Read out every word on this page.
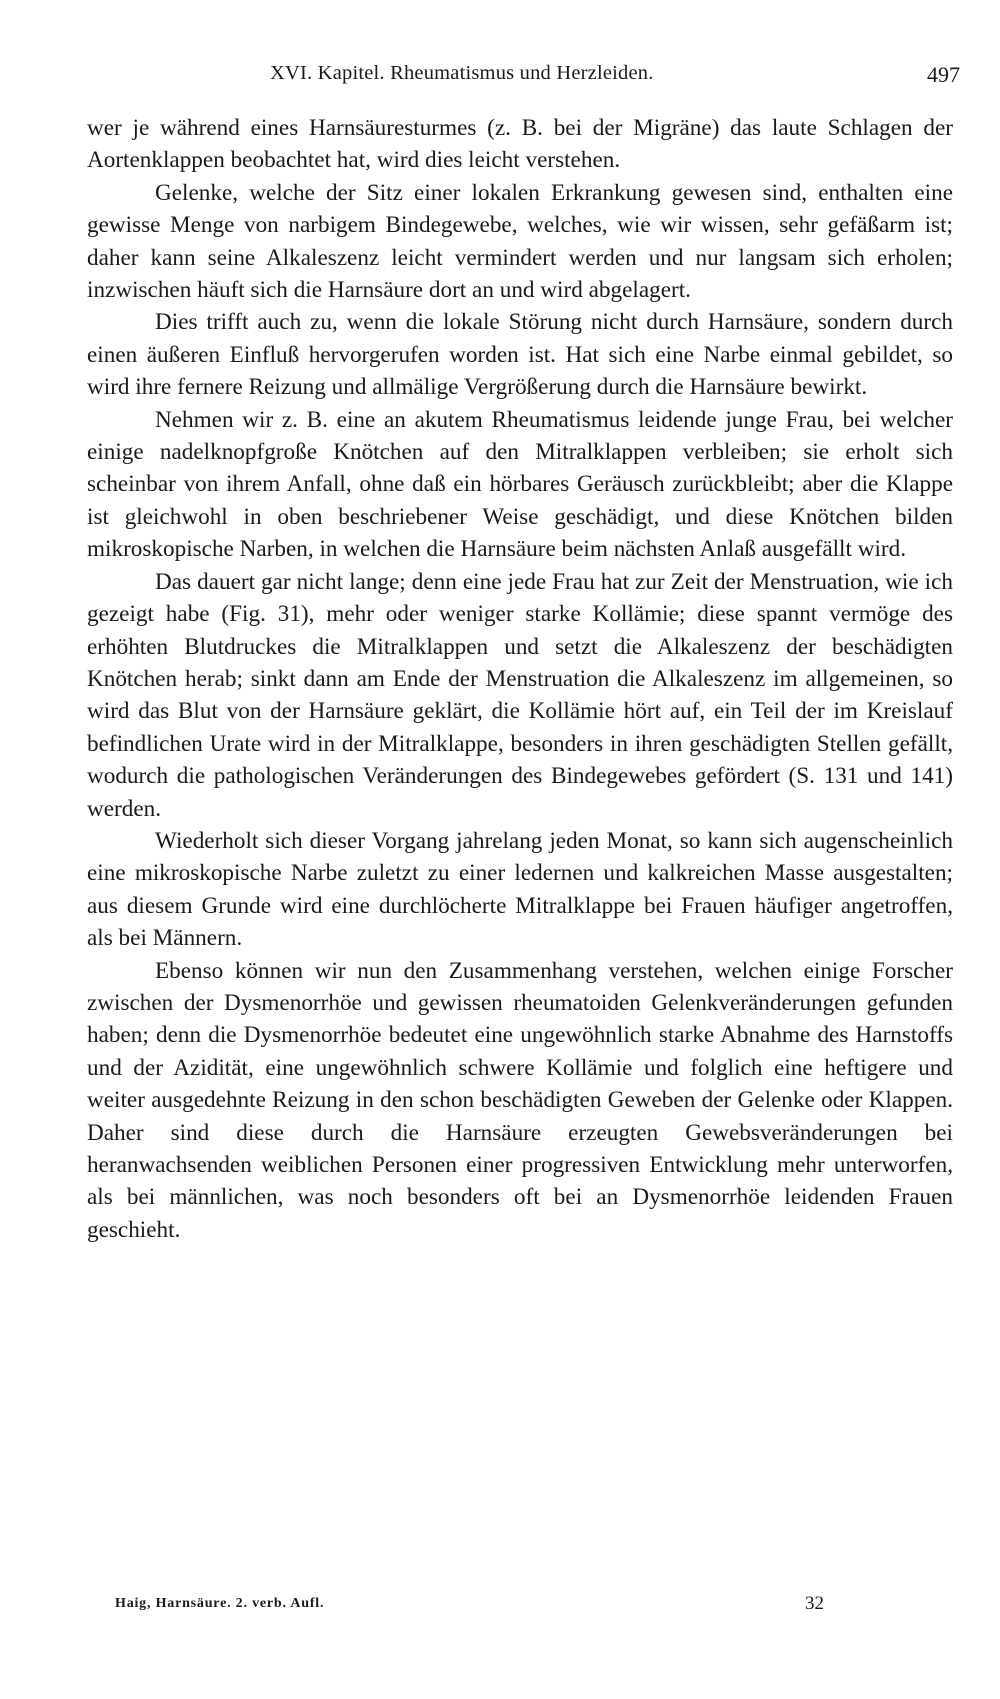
XVI. Kapitel. Rheumatismus und Herzleiden.	497

wer je während eines Harnsäuresturmes (z. B. bei der Migräne) das laute Schlagen der Aortenklappen beobachtet hat, wird dies leicht verstehen.

Gelenke, welche der Sitz einer lokalen Erkrankung gewesen sind, enthalten eine gewisse Menge von narbigem Bindegewebe, welches, wie wir wissen, sehr gefäßarm ist; daher kann seine Alkaleszenz leicht vermindert werden und nur langsam sich erholen; inzwischen häuft sich die Harnsäure dort an und wird abgelagert.

Dies trifft auch zu, wenn die lokale Störung nicht durch Harnsäure, sondern durch einen äußeren Einfluß hervorgerufen worden ist. Hat sich eine Narbe einmal gebildet, so wird ihre fernere Reizung und allmälige Vergrößerung durch die Harnsäure bewirkt.

Nehmen wir z. B. eine an akutem Rheumatismus leidende junge Frau, bei welcher einige nadelknopfgroße Knötchen auf den Mitralklappen verbleiben; sie erholt sich scheinbar von ihrem Anfall, ohne daß ein hörbares Geräusch zurückbleibt; aber die Klappe ist gleichwohl in oben beschriebener Weise geschädigt, und diese Knötchen bilden mikroskopische Narben, in welchen die Harnsäure beim nächsten Anlaß ausgefällt wird.

Das dauert gar nicht lange; denn eine jede Frau hat zur Zeit der Menstruation, wie ich gezeigt habe (Fig. 31), mehr oder weniger starke Kollämie; diese spannt vermöge des erhöhten Blutdruckes die Mitralklappen und setzt die Alkaleszenz der beschädigten Knötchen herab; sinkt dann am Ende der Menstruation die Alkaleszenz im allgemeinen, so wird das Blut von der Harnsäure geklärt, die Kollämie hört auf, ein Teil der im Kreislauf befindlichen Urate wird in der Mitralklappe, besonders in ihren geschädigten Stellen gefällt, wodurch die pathologischen Veränderungen des Bindegewebes gefördert (S. 131 und 141) werden.

Wiederholt sich dieser Vorgang jahrelang jeden Monat, so kann sich augenscheinlich eine mikroskopische Narbe zuletzt zu einer ledernen und kalkreichen Masse ausgestalten; aus diesem Grunde wird eine durchlöcherte Mitralklappe bei Frauen häufiger angetroffen, als bei Männern.

Ebenso können wir nun den Zusammenhang verstehen, welchen einige Forscher zwischen der Dysmenorrhöe und gewissen rheumatoiden Gelenkveränderungen gefunden haben; denn die Dysmenorrhöe bedeutet eine ungewöhnlich starke Abnahme des Harnstoffs und der Azidität, eine ungewöhnlich schwere Kollämie und folglich eine heftigere und weiter ausgedehnte Reizung in den schon beschädigten Geweben der Gelenke oder Klappen. Daher sind diese durch die Harnsäure erzeugten Gewebsveränderungen bei heranwachsenden weiblichen Personen einer progressiven Entwicklung mehr unterworfen, als bei männlichen, was noch besonders oft bei an Dysmenorrhöe leidenden Frauen geschieht.

Haig, Harnsäure. 2. verb. Aufl.	32
